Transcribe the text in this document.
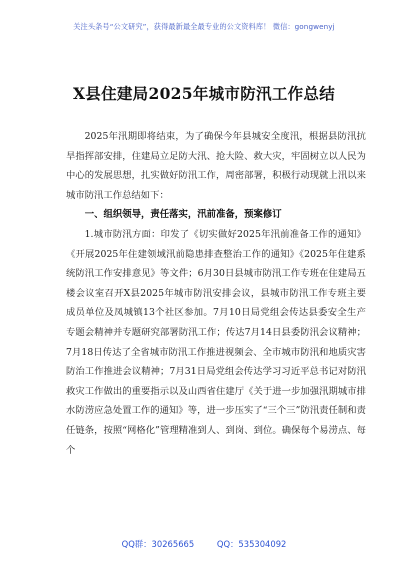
关注头条号“公文研究”，获得最新最全最专业的公文资料库！ 微信：gongwenyj
X县住建局2025年城市防汛工作总结

2025年汛期即将结束，为了确保今年县城安全度汛，根据县防汛抗旱指挥部安排，住建局立足防大汛、抢大险、救大灾，牢固树立以人民为中心的发展思想，扎实做好防汛工作，周密部署，积极行动现就上汛以来城市防汛工作总结如下：

一、组织领导，责任落实，汛前准备，预案修订

1.城市防汛方面：印发了《切实做好2025年汛前准备工作的通知》《开展2025年住建领域汛前隐患排查整治工作的通知》《2025年住建系统防汛工作安排意见》等文件；6月30日县城市防汛工作专班在住建局五楼会议室召开X县2025年城市防汛安排会议，县城市防汛工作专班主要成员单位及凤城镇13个社区参加。7月10日局党组会传达县委安全生产专题会精神并专题研究部署防汛工作；传达7月14日县委防汛会议精神；7月18日传达了全省城市防汛工作推进视频会、全市城市防汛和地质灾害防治工作推进会议精神；7月31日局党组会传达学习习近平总书记对防汛救灾工作做出的重要指示以及山西省住建厅《关于进一步加强汛期城市排水防涝应急处置工作的通知》等，进一步压实了“三个三”防汛责任制和责任链条，按照“网格化”管理精准到人、到岗、到位。确保每个易涝点、每个

QQ群：30265665	QQ：535304092
